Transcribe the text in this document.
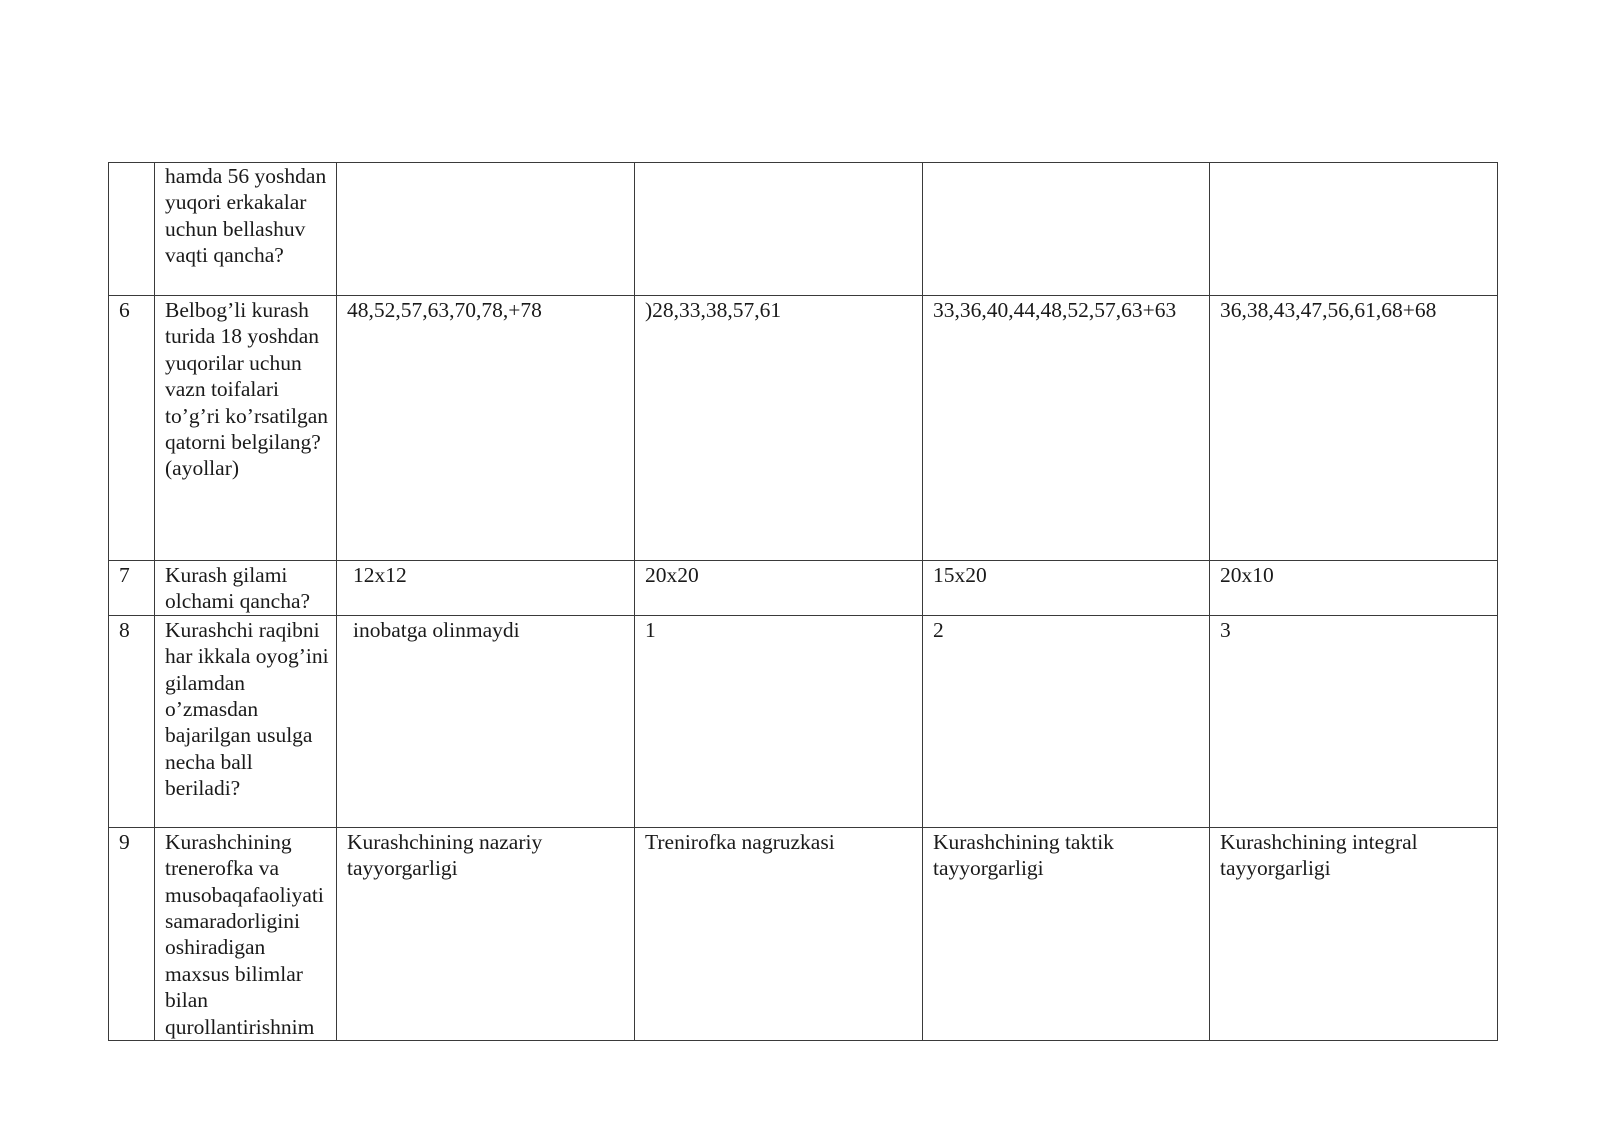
	hamda 56 yoshdan yuqori erkakalar uchun bellashuv vaqti qancha?				
6	Belbog’li kurash turida 18 yoshdan yuqorilar uchun vazn toifalari to’g’ri ko’rsatilgan qatorni belgilang? (ayollar)	48,52,57,63,70,78,+78	)28,33,38,57,61	33,36,40,44,48,52,57,63+63	36,38,43,47,56,61,68+68
7	Kurash gilami olchami qancha?	12x12	20x20	15x20	20x10
8	Kurashchi raqibni har ikkala oyog’ini gilamdan o’zmasdan bajarilgan usulga necha ball beriladi?	inobatga olinmaydi	1	2	3
9	Kurashchining trenerofka va musobaqafaoliyati samaradorligini oshiradigan maxsus bilimlar bilan qurollantirishnim	Kurashchining nazariy tayyorgarligi	Trenirofka nagruzkasi	Kurashchining taktik tayyorgarligi	Kurashchining integral tayyorgarligi
